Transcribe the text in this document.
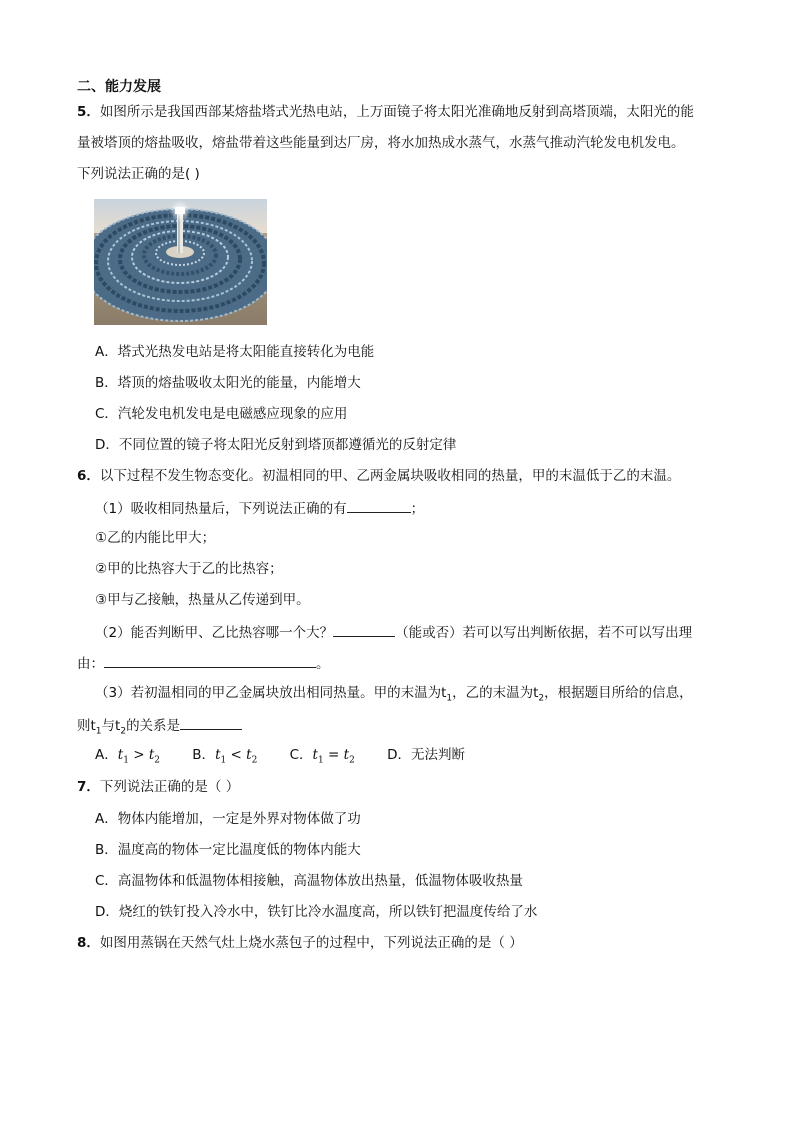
二、能力发展
5．如图所示是我国西部某熔盐塔式光热电站，上万面镜子将太阳光准确地反射到高塔顶端，太阳光的能
量被塔顶的熔盐吸收，熔盐带着这些能量到达厂房，将水加热成水蒸气，水蒸气推动汽轮发电机发电。
下列说法正确的是( )
A．塔式光热发电站是将太阳能直接转化为电能
B．塔顶的熔盐吸收太阳光的能量，内能增大
C．汽轮发电机发电是电磁感应现象的应用
D．不同位置的镜子将太阳光反射到塔顶都遵循光的反射定律
6．以下过程不发生物态变化。初温相同的甲、乙两金属块吸收相同的热量，甲的末温低于乙的末温。
（1）吸收相同热量后，下列说法正确的有	；
①乙的内能比甲大；
②甲的比热容大于乙的比热容；
③甲与乙接触，热量从乙传递到甲。
（2）能否判断甲、乙比热容哪一个大？	（能或否）若可以写出判断依据，若不可以写出理
由：	。
（3）若初温相同的甲乙金属块放出相同热量。甲的末温为$t_1$，乙的末温为$t_2$，根据题目所给的信息，
则$t_1$与$t_2$的关系是
A．$t_1 > t_2$ B．$t_1 < t_2$ C．$t_1 = t_2$ D．无法判断
7．下列说法正确的是（ ）
A．物体内能增加，一定是外界对物体做了功
B．温度高的物体一定比温度低的物体内能大
C．高温物体和低温物体相接触，高温物体放出热量，低温物体吸收热量
D．烧红的铁钉投入冷水中，铁钉比冷水温度高，所以铁钉把温度传给了水
8．如图用蒸锅在天然气灶上烧水蒸包子的过程中，下列说法正确的是（ ）
